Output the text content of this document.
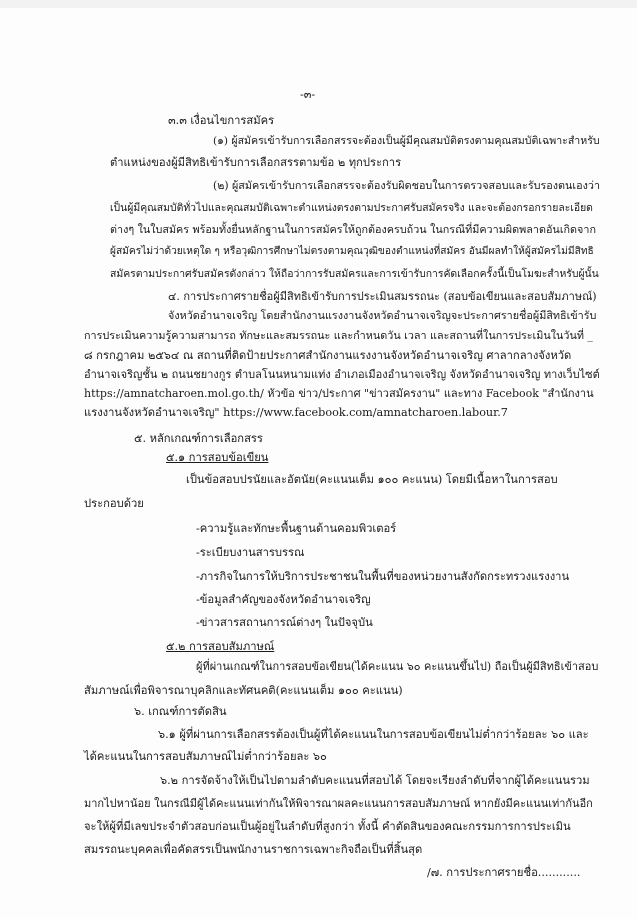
-๓-
๓.๓ เงื่อนไขการสมัคร
(๑) ผู้สมัครเข้ารับการเลือกสรรจะต้องเป็นผู้มีคุณสมบัติตรงตามคุณสมบัติเฉพาะสำหรับ
ตำแหน่งของผู้มีสิทธิเข้ารับการเลือกสรรตามข้อ ๒ ทุกประการ
(๒) ผู้สมัครเข้ารับการเลือกสรรจะต้องรับผิดชอบในการตรวจสอบและรับรองตนเองว่า
เป็นผู้มีคุณสมบัติทั่วไปและคุณสมบัติเฉพาะตำแหน่งตรงตามประกาศรับสมัครจริง และจะต้องกรอกรายละเอียด
ต่างๆ ในใบสมัคร พร้อมทั้งยื่นหลักฐานในการสมัครให้ถูกต้องครบถ้วน ในกรณีที่มีความผิดพลาดอันเกิดจาก
ผู้สมัครไม่ว่าด้วยเหตุใด ๆ หรือวุฒิการศึกษาไม่ตรงตามคุณวุฒิของตำแหน่งที่สมัคร อันมีผลทำให้ผู้สมัครไม่มีสิทธิ
สมัครตามประกาศรับสมัครดังกล่าว ให้ถือว่าการรับสมัครและการเข้ารับการคัดเลือกครั้งนี้เป็นโมฆะสำหรับผู้นั้น
๔. การประกาศรายชื่อผู้มีสิทธิเข้ารับการประเมินสมรรถนะ (สอบข้อเขียนและสอบสัมภาษณ์)
จังหวัดอำนาจเจริญ โดยสำนักงานแรงงานจังหวัดอำนาจเจริญจะประกาศรายชื่อผู้มีสิทธิเข้ารับ
การประเมินความรู้ความสามารถ ทักษะและสมรรถนะ และกำหนดวัน เวลา และสถานที่ในการประเมินในวันที่ _
๘ กรกฎาคม ๒๕๖๔ ณ สถานที่ติดป้ายประกาศสำนักงานแรงงานจังหวัดอำนาจเจริญ ศาลากลางจังหวัด
อำนาจเจริญชั้น ๒ ถนนชยางกูร ตำบลโนนหนามแท่ง อำเภอเมืองอำนาจเจริญ จังหวัดอำนาจเจริญ ทางเว็บไซต์
https://amnatcharoen.mol.go.th/ หัวข้อ ข่าว/ประกาศ "ข่าวสมัครงาน" และทาง Facebook "สำนักงาน
แรงงานจังหวัดอำนาจเจริญ" https://www.facebook.com/amnatcharoen.labour.7
๕. หลักเกณฑ์การเลือกสรร
๕.๑ การสอบข้อเขียน
เป็นข้อสอบปรนัยและอัตนัย(คะแนนเต็ม ๑๐๐ คะแนน) โดยมีเนื้อหาในการสอบ
ประกอบด้วย
-ความรู้และทักษะพื้นฐานด้านคอมพิวเตอร์
-ระเบียบงานสารบรรณ
-ภารกิจในการให้บริการประชาชนในพื้นที่ของหน่วยงานสังกัดกระทรวงแรงงาน
-ข้อมูลสำคัญของจังหวัดอำนาจเจริญ
-ข่าวสารสถานการณ์ต่างๆ ในปัจจุบัน
๕.๒ การสอบสัมภาษณ์
ผู้ที่ผ่านเกณฑ์ในการสอบข้อเขียน(ได้คะแนน ๖๐ คะแนนขึ้นไป) ถือเป็นผู้มีสิทธิเข้าสอบ
สัมภาษณ์เพื่อพิจารณาบุคลิกและทัศนคติ(คะแนนเต็ม ๑๐๐ คะแนน)
๖. เกณฑ์การตัดสิน
๖.๑ ผู้ที่ผ่านการเลือกสรรต้องเป็นผู้ที่ได้คะแนนในการสอบข้อเขียนไม่ต่ำกว่าร้อยละ ๖๐ และ
ได้คะแนนในการสอบสัมภาษณ์ไม่ต่ำกว่าร้อยละ ๖๐
๖.๒ การจัดจ้างให้เป็นไปตามลำดับคะแนนที่สอบได้ โดยจะเรียงลำดับที่จากผู้ได้คะแนนรวม
มากไปหาน้อย ในกรณีมีผู้ได้คะแนนเท่ากันให้พิจารณาผลคะแนนการสอบสัมภาษณ์ หากยังมีคะแนนเท่ากันอีก
จะให้ผู้ที่มีเลขประจำตัวสอบก่อนเป็นผู้อยู่ในลำดับที่สูงกว่า ทั้งนี้ คำตัดสินของคณะกรรมการการประเมิน
สมรรถนะบุคคลเพื่อคัดสรรเป็นพนักงานราชการเฉพาะกิจถือเป็นที่สิ้นสุด
/๗. การประกาศรายชื่อ............
